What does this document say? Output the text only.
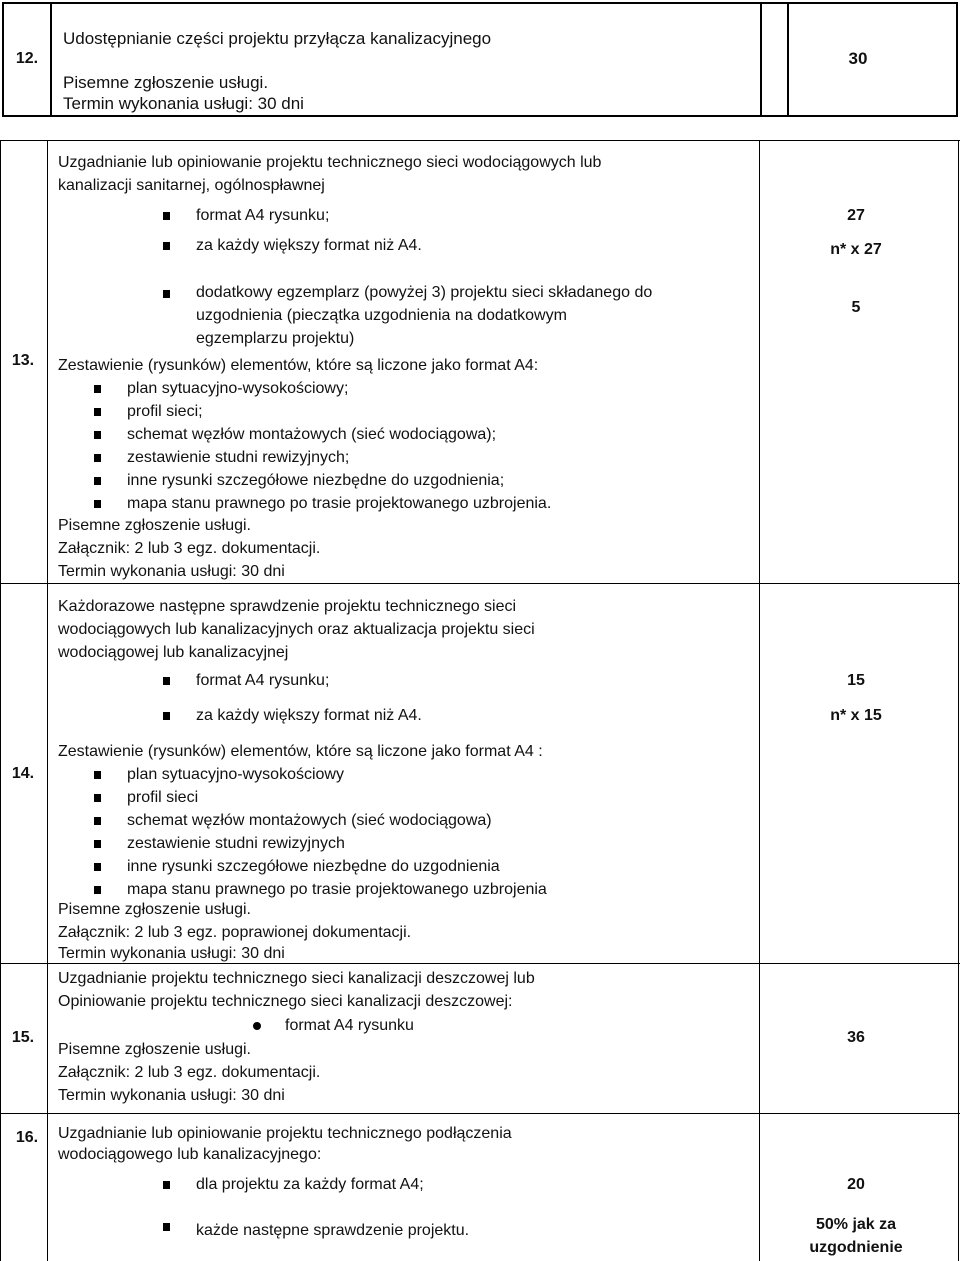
12.
Udostępnianie części projektu przyłącza kanalizacyjnego
Pisemne zgłoszenie usługi.
Termin wykonania usługi: 30 dni
30
13.
Uzgadnianie lub opiniowanie projektu technicznego sieci wodociągowych lub
kanalizacji sanitarnej, ogólnospławnej
format A4 rysunku;
za każdy większy format niż A4.
dodatkowy egzemplarz (powyżej 3) projektu sieci składanego do
uzgodnienia (pieczątka uzgodnienia na dodatkowym
egzemplarzu projektu)
27
n* x 27
5
Zestawienie (rysunków) elementów, które są liczone jako format A4:
plan sytuacyjno-wysokościowy;
profil sieci;
schemat węzłów montażowych (sieć wodociągowa);
zestawienie studni rewizyjnych;
inne rysunki szczegółowe niezbędne do uzgodnienia;
mapa stanu prawnego po trasie projektowanego uzbrojenia.
Pisemne zgłoszenie usługi.
Załącznik: 2 lub 3 egz. dokumentacji.
Termin wykonania usługi: 30 dni
14.
Każdorazowe następne sprawdzenie projektu technicznego sieci
wodociągowych lub kanalizacyjnych oraz aktualizacja projektu sieci
wodociągowej lub kanalizacyjnej
format A4 rysunku;
za każdy większy format niż A4.
15
n* x 15
Zestawienie (rysunków) elementów, które są liczone jako format A4 :
plan sytuacyjno-wysokościowy
profil sieci
schemat węzłów montażowych (sieć wodociągowa)
zestawienie studni rewizyjnych
inne rysunki szczegółowe niezbędne do uzgodnienia
mapa stanu prawnego po trasie projektowanego uzbrojenia
Pisemne zgłoszenie usługi.
Załącznik: 2 lub 3 egz. poprawionej dokumentacji.
Termin wykonania usługi: 30 dni
15.
Uzgadnianie projektu technicznego sieci kanalizacji deszczowej lub
Opiniowanie projektu technicznego sieci kanalizacji deszczowej:
format A4 rysunku
Pisemne zgłoszenie usługi.
Załącznik: 2 lub 3 egz. dokumentacji.
Termin wykonania usługi: 30 dni
36
16. Uzgadnianie lub opiniowanie projektu technicznego podłączenia
wodociągowego lub kanalizacyjnego:
dla projektu za każdy format A4;
każde następne sprawdzenie projektu.
20
50% jak za
uzgodnienie
